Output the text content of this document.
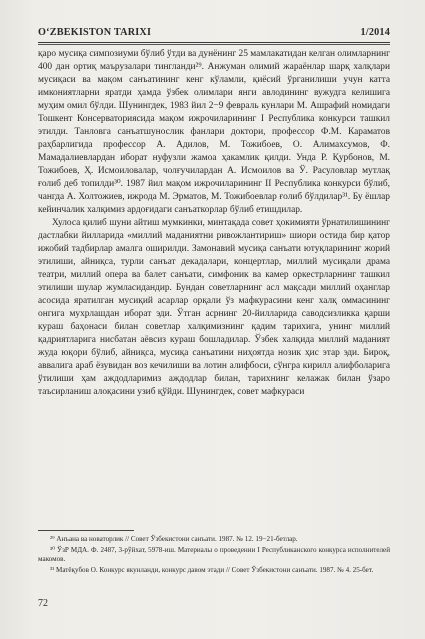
O‘ZBEKISTON TARIXI	1/2014

қаро мусиқа симпозиуми бўлиб ўтди ва дунёнинг 25 мамлакатидан келган олимларнинг 400 дан ортиқ маърузалари тингланди²⁹. Анжуман олимий жараёнлар шарқ халқлари мусиқаси ва мақом санъатининг кенг кўламли, қиёсий ўрганилиши учун катта имкониятларни яратди ҳамда ўзбек олимлари янги авлодининг вужудга келишига муҳим омил бўлди. Шунингдек, 1983 йил 2−9 февраль кунлари М. Ашрафий номидаги Тошкент Консерваториясида мақом ижрочиларининг I Республика конкурси ташкил этилди. Танловга санъатшунослик фанлари доктори, профессор Ф.М. Караматов раҳбарлигида профессор А. Адилов, М. Тожибоев, О. Алимахсумов, Ф. Мамадалиевлардан иборат нуфузли жамоа ҳакамлик қилди. Унда Р. Қурбонов, М. Тожибоев, Ҳ. Исмоиловалар, чолғучилардан А. Исмоилов ва Ў. Расуловлар мутлақ ғолиб деб топилди³⁰. 1987 йил мақом ижрочиларининг II Республика конкурси бўлиб, чангда А. Холтожиев, ижрода М. Эрматов, М. Тожибоевлар ғолиб бўлдилар³¹. Бу ёшлар кейинчалик халқимиз ардоғидаги санъаткорлар бўлиб етишдилар.

Хулоса қилиб шуни айтиш мумкинки, минтақада совет ҳокимияти ўрнатилишининг дастлабки йилларида «миллий маданиятни ривожлантириш» шиори остида бир қатор ижобий тадбирлар амалга оширилди. Замонавий мусиқа санъати ютуқларининг жорий этилиши, айниқса, турли санъат декадалари, концертлар, миллий мусиқали драма театри, миллий опера ва балет санъати, симфоник ва камер оркестрларнинг ташкил этилиши шулар жумласидандир. Бундан советларнинг асл мақсади миллий оҳанглар асосида яратилган мусиқий асарлар орқали ўз мафкурасини кенг халқ оммасининг онгига мухрлашдан иборат эди. Ўтган асрнинг 20-йилларида саводсизликка қарши кураш баҳонаси билан советлар халқимизнинг қадим тарихига, унинг миллий қадриятларига нисбатан аёвсиз кураш бошладилар. Ўзбек халқида миллий маданият жуда юқори бўлиб, айниқса, мусиқа санъатини ниҳоятда нозик ҳис этар эди. Бироқ, аввалига араб ёзувидан воз кечилиши ва лотин алифбоси, сўнгра кирилл алифболарига ўтилиши ҳам аждодларимиз аждодлар билан, тарихнинг келажак билан ўзаро таъсирланиш алоқасини узиб қўйди. Шунингдек, совет мафкураси

²⁹ Анъана ва новаторлик // Совет Ўзбекистони санъати. 1987. № 12. 19−21-бетлар.

³⁰ ЎзР МДА. Ф. 2487, 3-рўйхат, 5978-иш. Материалы о проведении I Республиканского конкурса исполнителей макомов.

³¹ Матёқубов О. Конкурс якунланди, конкурс давом этади // Совет Ўзбекистони санъати. 1987. № 4. 25-бет.

72
